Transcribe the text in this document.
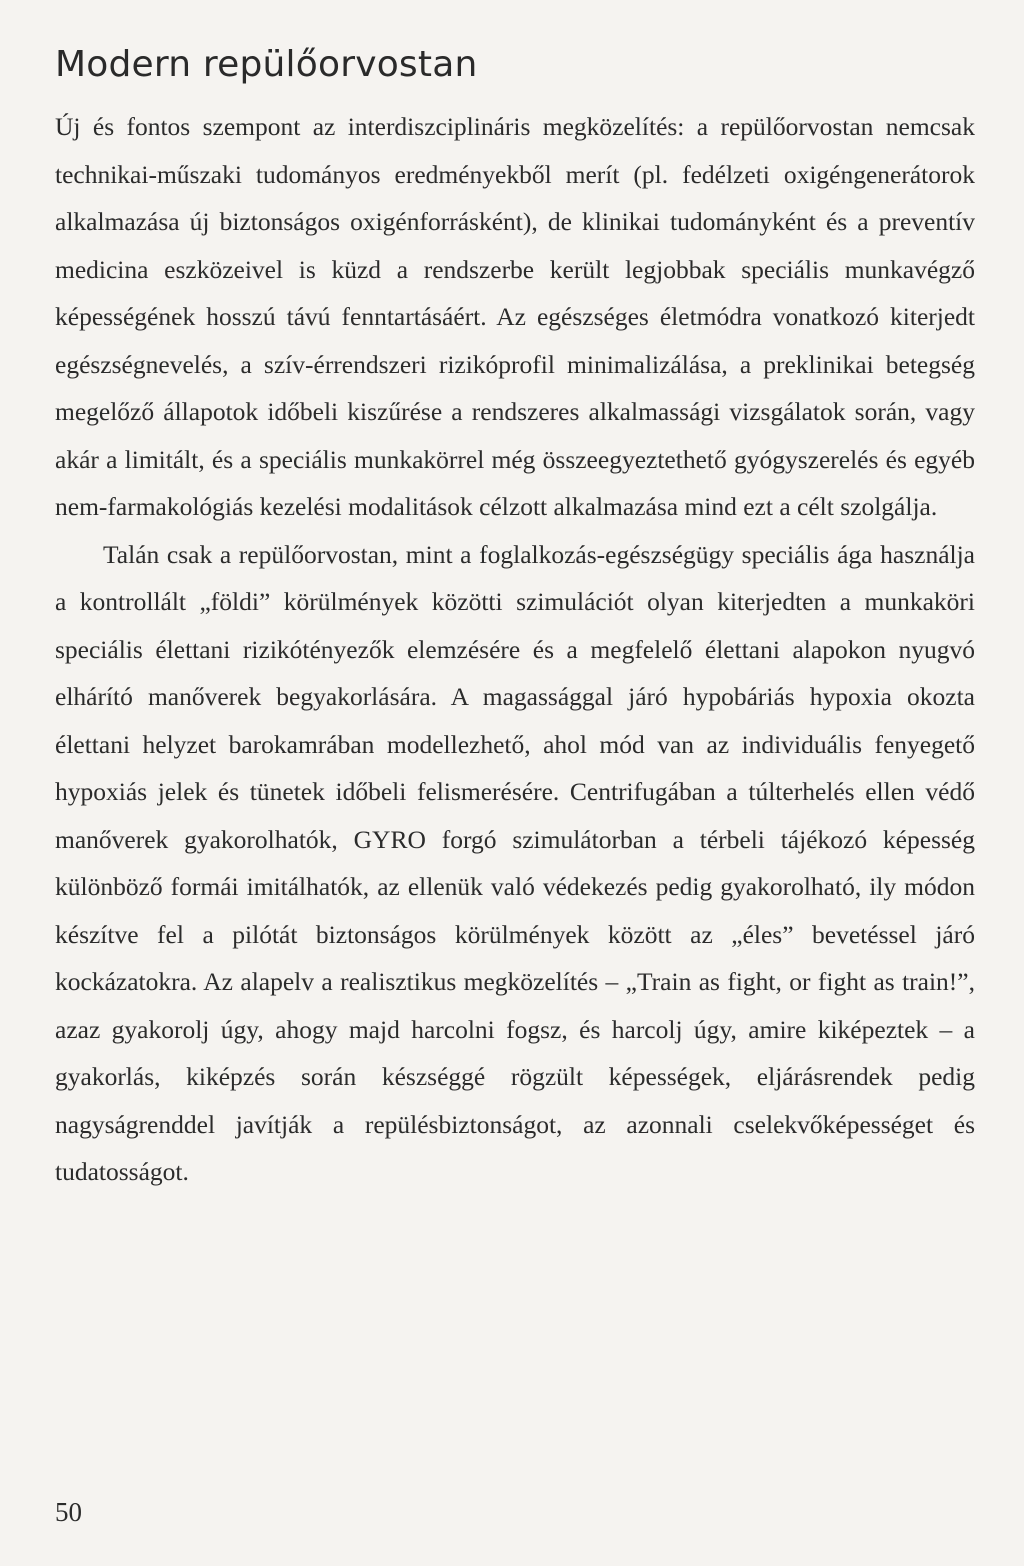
Modern repülőorvostan

Új és fontos szempont az interdiszciplináris megközelítés: a repülőorvostan nemcsak technikai-műszaki tudományos eredményekből merít (pl. fedélzeti oxigéngenerátorok alkalmazása új biztonságos oxigénforrásként), de klinikai tudományként és a preventív medicina eszközeivel is küzd a rendszerbe került legjobbak speciális munkavégző képességének hosszú távú fenntartásáért. Az egészséges életmódra vonatkozó kiterjedt egészségnevelés, a szív-érrendszeri rizikóprofil minimalizálása, a preklinikai betegség megelőző állapotok időbeli kiszűrése a rendszeres alkalmassági vizsgálatok során, vagy akár a limitált, és a speciális munkakörrel még összeegyeztethető gyógyszerelés és egyéb nem-farmakológiás kezelési modalitások célzott alkalmazása mind ezt a célt szolgálja.

Talán csak a repülőorvostan, mint a foglalkozás-egészségügy speciális ága használja a kontrollált „földi” körülmények közötti szimulációt olyan kiterjedten a munkaköri speciális élettani rizikótényezők elemzésére és a megfelelő élettani alapokon nyugvó elhárító manőverek begyakorlására. A magassággal járó hypobáriás hypoxia okozta élettani helyzet barokamrában modellezhető, ahol mód van az individuális fenyegető hypoxiás jelek és tünetek időbeli felismerésére. Centrifugában a túlterhelés ellen védő manőverek gyakorolhatók, GYRO forgó szimulátorban a térbeli tájékozó képesség különböző formái imitálhatók, az ellenük való védekezés pedig gyakorolható, ily módon készítve fel a pilótát biztonságos körülmények között az „éles” bevetéssel járó kockázatokra. Az alapelv a realisztikus megközelítés – „Train as fight, or fight as train!”, azaz gyakorolj úgy, ahogy majd harcolni fogsz, és harcolj úgy, amire kiképeztek – a gyakorlás, kiképzés során készséggé rögzült képességek, eljárásrendek pedig nagyságrenddel javítják a repülésbiztonságot, az azonnali cselekvőképességet és tudatosságot.

50
